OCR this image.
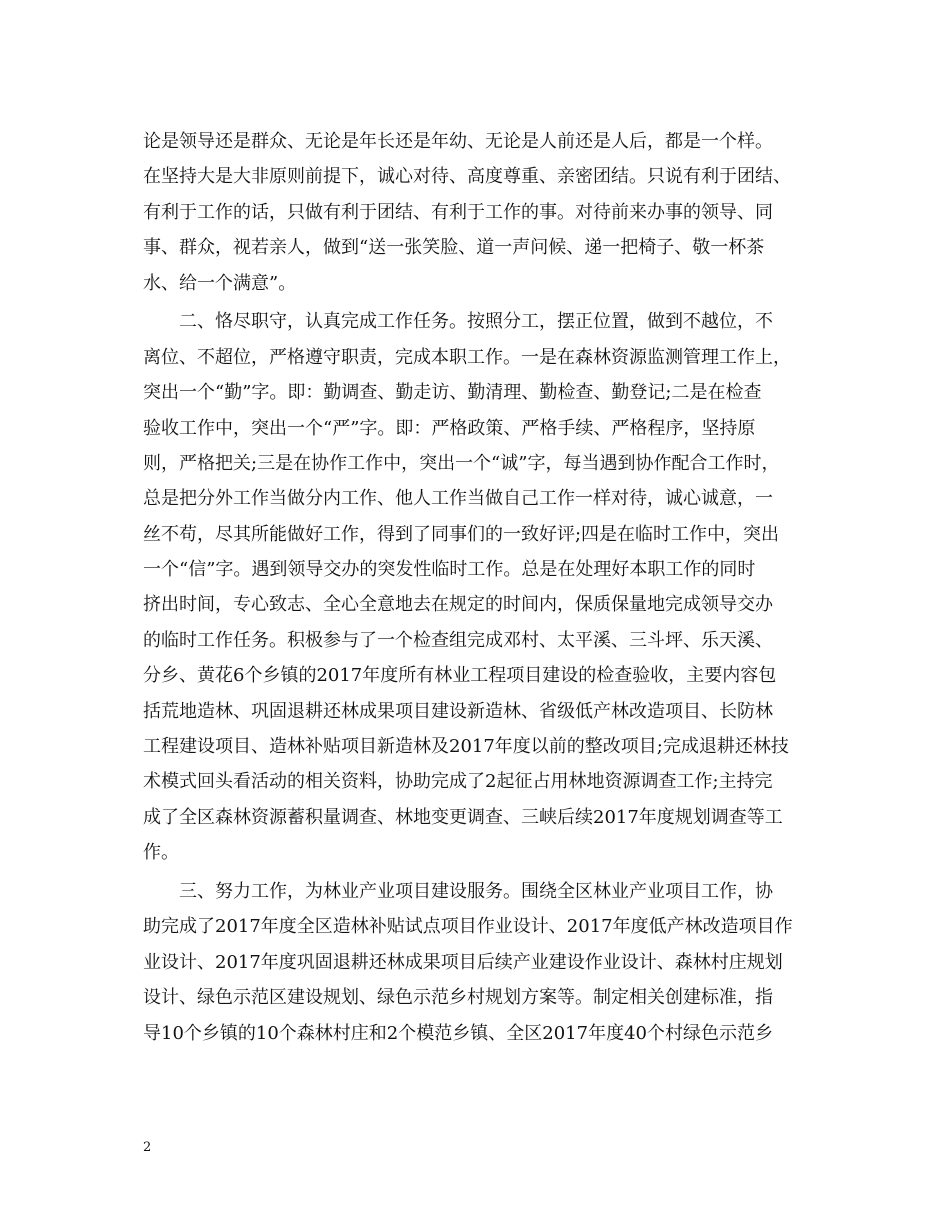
论是领导还是群众、无论是年长还是年幼、无论是人前还是人后，都是一个样。
在坚持大是大非原则前提下，诚心对待、高度尊重、亲密团结。只说有利于团结、
有利于工作的话，只做有利于团结、有利于工作的事。对待前来办事的领导、同
事、群众，视若亲人，做到“送一张笑脸、道一声问候、递一把椅子、敬一杯茶
水、给一个满意”。
　　二、恪尽职守，认真完成工作任务。按照分工，摆正位置，做到不越位，不
离位、不超位，严格遵守职责，完成本职工作。一是在森林资源监测管理工作上，
突出一个“勤”字。即：勤调查、勤走访、勤清理、勤检查、勤登记;二是在检查
验收工作中，突出一个“严”字。即：严格政策、严格手续、严格程序，坚持原
则，严格把关;三是在协作工作中，突出一个“诚”字，每当遇到协作配合工作时，
总是把分外工作当做分内工作、他人工作当做自己工作一样对待，诚心诚意，一
丝不苟，尽其所能做好工作，得到了同事们的一致好评;四是在临时工作中，突出
一个“信”字。遇到领导交办的突发性临时工作。总是在处理好本职工作的同时
挤出时间，专心致志、全心全意地去在规定的时间内，保质保量地完成领导交办
的临时工作任务。积极参与了一个检查组完成邓村、太平溪、三斗坪、乐天溪、
分乡、黄花6个乡镇的2017年度所有林业工程项目建设的检查验收，主要内容包
括荒地造林、巩固退耕还林成果项目建设新造林、省级低产林改造项目、长防林
工程建设项目、造林补贴项目新造林及2017年度以前的整改项目;完成退耕还林技
术模式回头看活动的相关资料，协助完成了2起征占用林地资源调查工作;主持完
成了全区森林资源蓄积量调查、林地变更调查、三峡后续2017年度规划调查等工
作。
　　三、努力工作，为林业产业项目建设服务。围绕全区林业产业项目工作，协
助完成了2017年度全区造林补贴试点项目作业设计、2017年度低产林改造项目作
业设计、2017年度巩固退耕还林成果项目后续产业建设作业设计、森林村庄规划
设计、绿色示范区建设规划、绿色示范乡村规划方案等。制定相关创建标准，指
导10个乡镇的10个森林村庄和2个模范乡镇、全区2017年度40个村绿色示范乡
2
